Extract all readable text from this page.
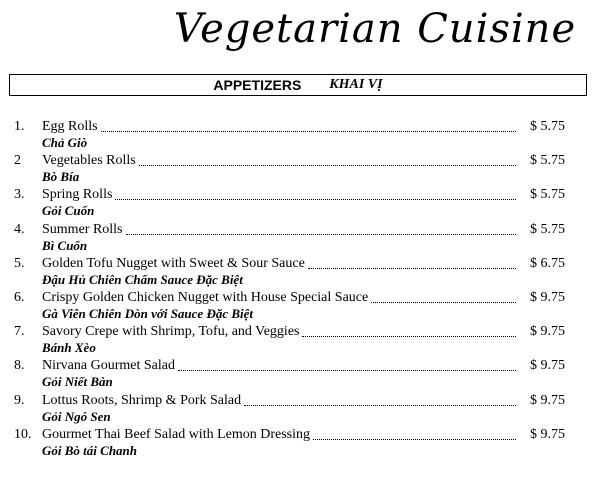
Vegetarian Cuisine
APPETIZERS KHAI VỊ
1. Egg Rolls	$ 5.75
Chả Giò
2 Vegetables Rolls	$ 5.75
Bò Bía
3. Spring Rolls	$ 5.75
Gỏi Cuốn
4. Summer Rolls	$ 5.75
Bì Cuốn
5. Golden Tofu Nugget with Sweet & Sour Sauce	$ 6.75
Đậu Hủ Chiên Chấm Sauce Đặc Biệt
6. Crispy Golden Chicken Nugget with House Special Sauce	$ 9.75
Gà Viên Chiên Dòn với Sauce Đặc Biệt
7. Savory Crepe with Shrimp, Tofu, and Veggies	$ 9.75
Bánh Xèo
8. Nirvana Gourmet Salad	$ 9.75
Gỏi Niết Bàn
9. Lottus Roots, Shrimp & Pork Salad	$ 9.75
Gỏi Ngó Sen
10. Gourmet Thai Beef Salad with Lemon Dressing	$ 9.75
Gỏi Bò tái Chanh
